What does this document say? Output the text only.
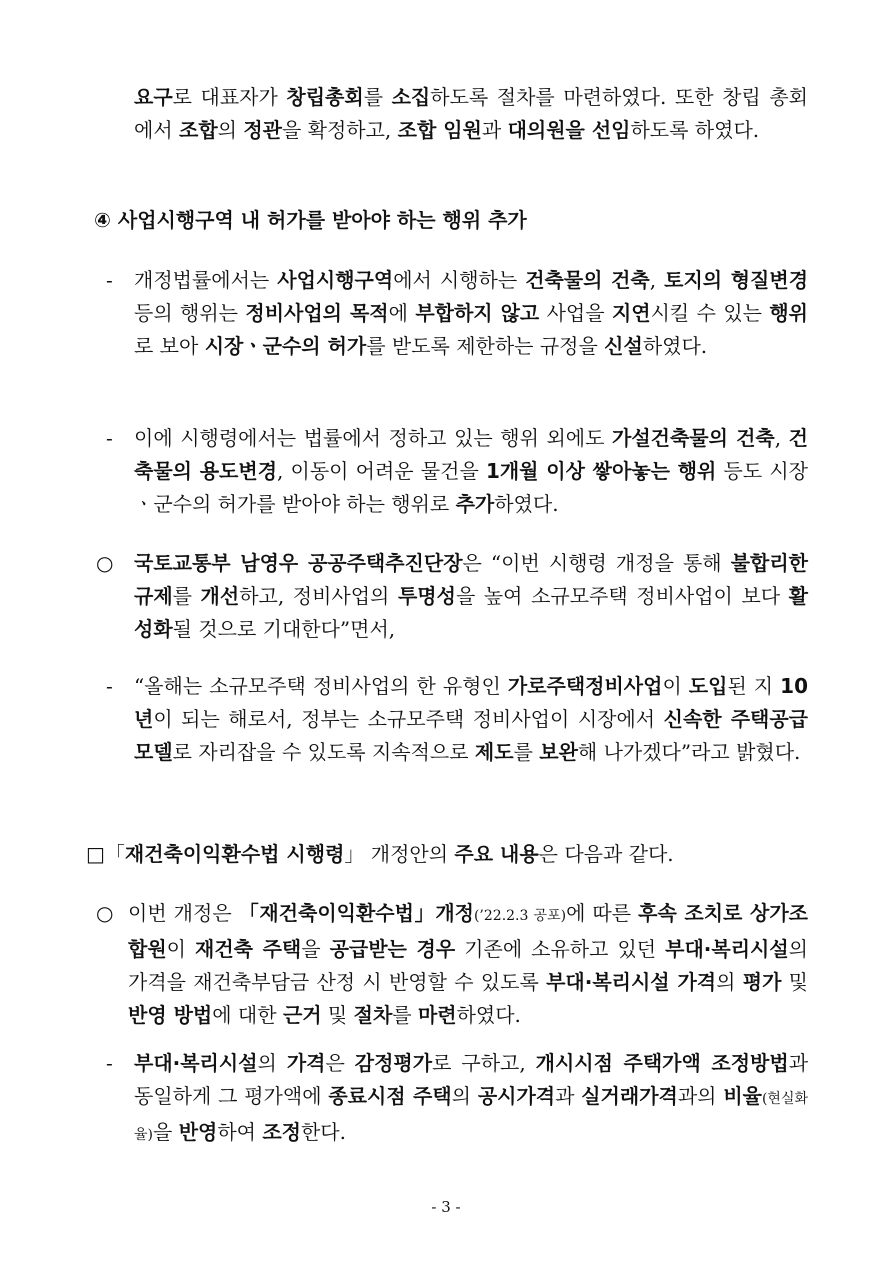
요구로 대표자가 창립총회를 소집하도록 절차를 마련하였다. 또한 창립 총회에서 조합의 정관을 확정하고, 조합 임원과 대의원을 선임하도록 하였다.

④ 사업시행구역 내 허가를 받아야 하는 행위 추가

- 개정법률에서는 사업시행구역에서 시행하는 건축물의 건축, 토지의 형질변경 등의 행위는 정비사업의 목적에 부합하지 않고 사업을 지연시킬 수 있는 행위로 보아 시장ㆍ군수의 허가를 받도록 제한하는 규정을 신설하였다.

- 이에 시행령에서는 법률에서 정하고 있는 행위 외에도 가설건축물의 건축, 건축물의 용도변경, 이동이 어려운 물건을 1개월 이상 쌓아놓는 행위 등도 시장ㆍ군수의 허가를 받아야 하는 행위로 추가하였다.

○ 국토교통부 남영우 공공주택추진단장은 “이번 시행령 개정을 통해 불합리한 규제를 개선하고, 정비사업의 투명성을 높여 소규모주택 정비사업이 보다 활성화될 것으로 기대한다”면서,

- “올해는 소규모주택 정비사업의 한 유형인 가로주택정비사업이 도입된 지 10년이 되는 해로서, 정부는 소규모주택 정비사업이 시장에서 신속한 주택공급 모델로 자리잡을 수 있도록 지속적으로 제도를 보완해 나가겠다”라고 밝혔다.

□「재건축이익환수법 시행령」 개정안의 주요 내용은 다음과 같다.

○ 이번 개정은 「재건축이익환수법」개정(’22.2.3 공포)에 따른 후속 조치로 상가조합원이 재건축 주택을 공급받는 경우 기존에 소유하고 있던 부대·복리시설의 가격을 재건축부담금 산정 시 반영할 수 있도록 부대·복리시설 가격의 평가 및 반영 방법에 대한 근거 및 절차를 마련하였다.

- 부대·복리시설의 가격은 감정평가로 구하고, 개시시점 주택가액 조정방법과 동일하게 그 평가액에 종료시점 주택의 공시가격과 실거래가격과의 비율(현실화율)을 반영하여 조정한다.

- 3 -
